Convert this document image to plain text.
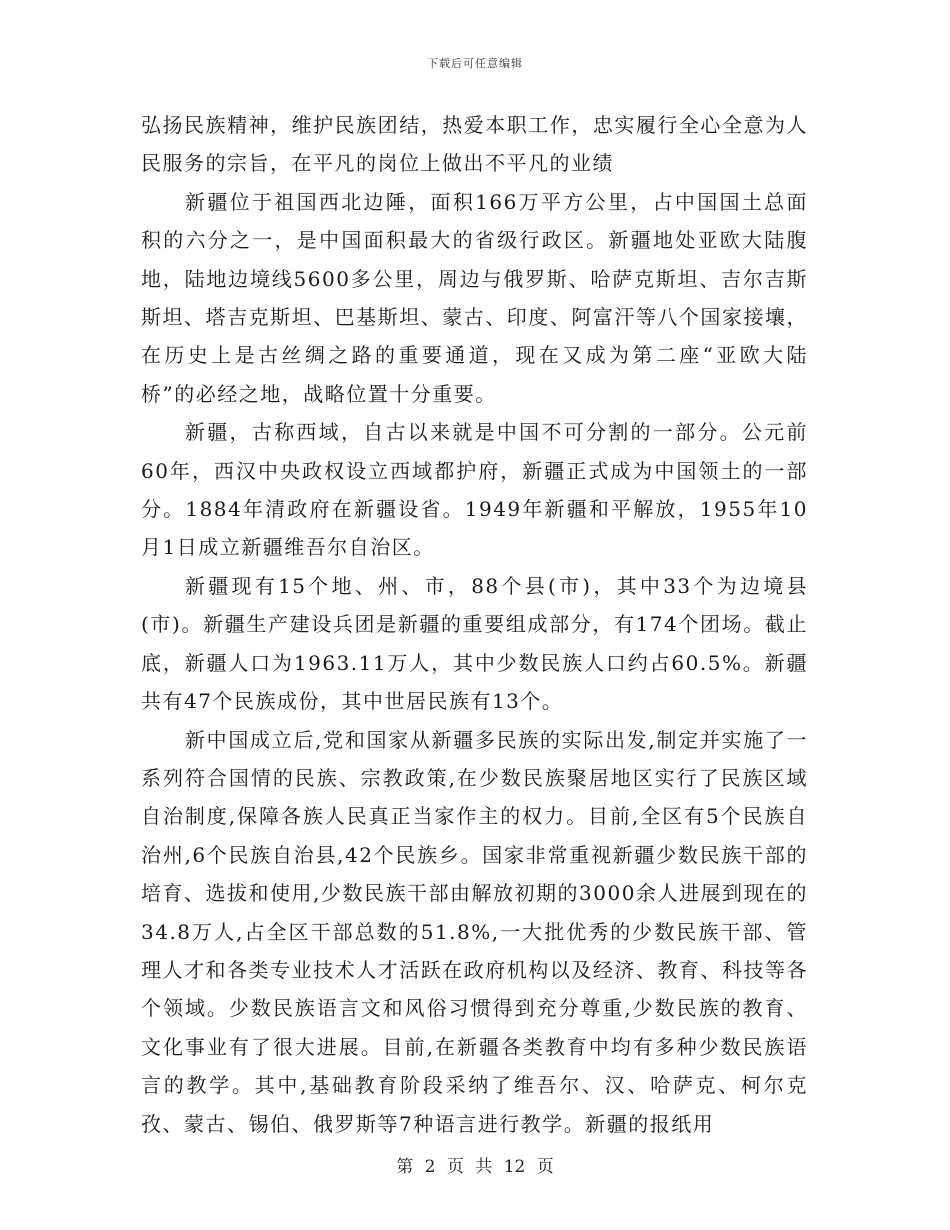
下载后可任意编辑

弘扬民族精神，维护民族团结，热爱本职工作，忠实履行全心全意为人民服务的宗旨，在平凡的岗位上做出不平凡的业绩

新疆位于祖国西北边陲，面积166万平方公里，占中国国土总面积的六分之一，是中国面积最大的省级行政区。新疆地处亚欧大陆腹地，陆地边境线5600多公里，周边与俄罗斯、哈萨克斯坦、吉尔吉斯斯坦、塔吉克斯坦、巴基斯坦、蒙古、印度、阿富汗等八个国家接壤，在历史上是古丝绸之路的重要通道，现在又成为第二座“亚欧大陆桥”的必经之地，战略位置十分重要。

新疆，古称西域，自古以来就是中国不可分割的一部分。公元前60年，西汉中央政权设立西域都护府，新疆正式成为中国领土的一部分。1884年清政府在新疆设省。1949年新疆和平解放，1955年10月1日成立新疆维吾尔自治区。

新疆现有15个地、州、市，88个县(市)，其中33个为边境县(市)。新疆生产建设兵团是新疆的重要组成部分，有174个团场。截止底，新疆人口为1963.11万人，其中少数民族人口约占60.5%。新疆共有47个民族成份，其中世居民族有13个。

新中国成立后,党和国家从新疆多民族的实际出发,制定并实施了一系列符合国情的民族、宗教政策,在少数民族聚居地区实行了民族区域自治制度,保障各族人民真正当家作主的权力。目前,全区有5个民族自治州,6个民族自治县,42个民族乡。国家非常重视新疆少数民族干部的培育、选拔和使用,少数民族干部由解放初期的3000余人进展到现在的34.8万人,占全区干部总数的51.8%,一大批优秀的少数民族干部、管理人才和各类专业技术人才活跃在政府机构以及经济、教育、科技等各个领域。少数民族语言文和风俗习惯得到充分尊重,少数民族的教育、文化事业有了很大进展。目前,在新疆各类教育中均有多种少数民族语言的教学。其中,基础教育阶段采纳了维吾尔、汉、哈萨克、柯尔克孜、蒙古、锡伯、俄罗斯等7种语言进行教学。新疆的报纸用

第 2 页 共 12 页
